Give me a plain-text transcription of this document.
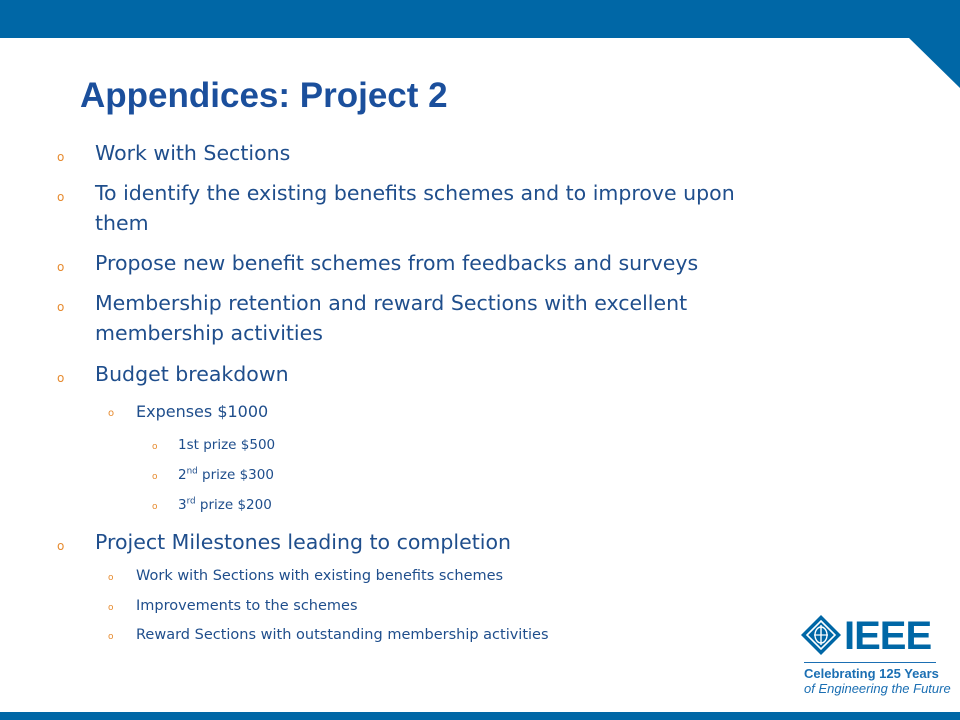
Appendices: Project 2
o	Work with Sections
o	To identify the existing benefits schemes and to improve upon
them
o	Propose new benefit schemes from feedbacks and surveys
o	Membership retention and reward Sections with excellent
membership activities
o	Budget breakdown
o	Expenses $1000
o	1st prize $500
o	2nd prize $300
o	3rd prize $200
o	Project Milestones leading to completion
o	Work with Sections with existing benefits schemes
o	Improvements to the schemes
o	Reward Sections with outstanding membership activities	IEEE
Celebrating 125 Years
of Engineering the Future
